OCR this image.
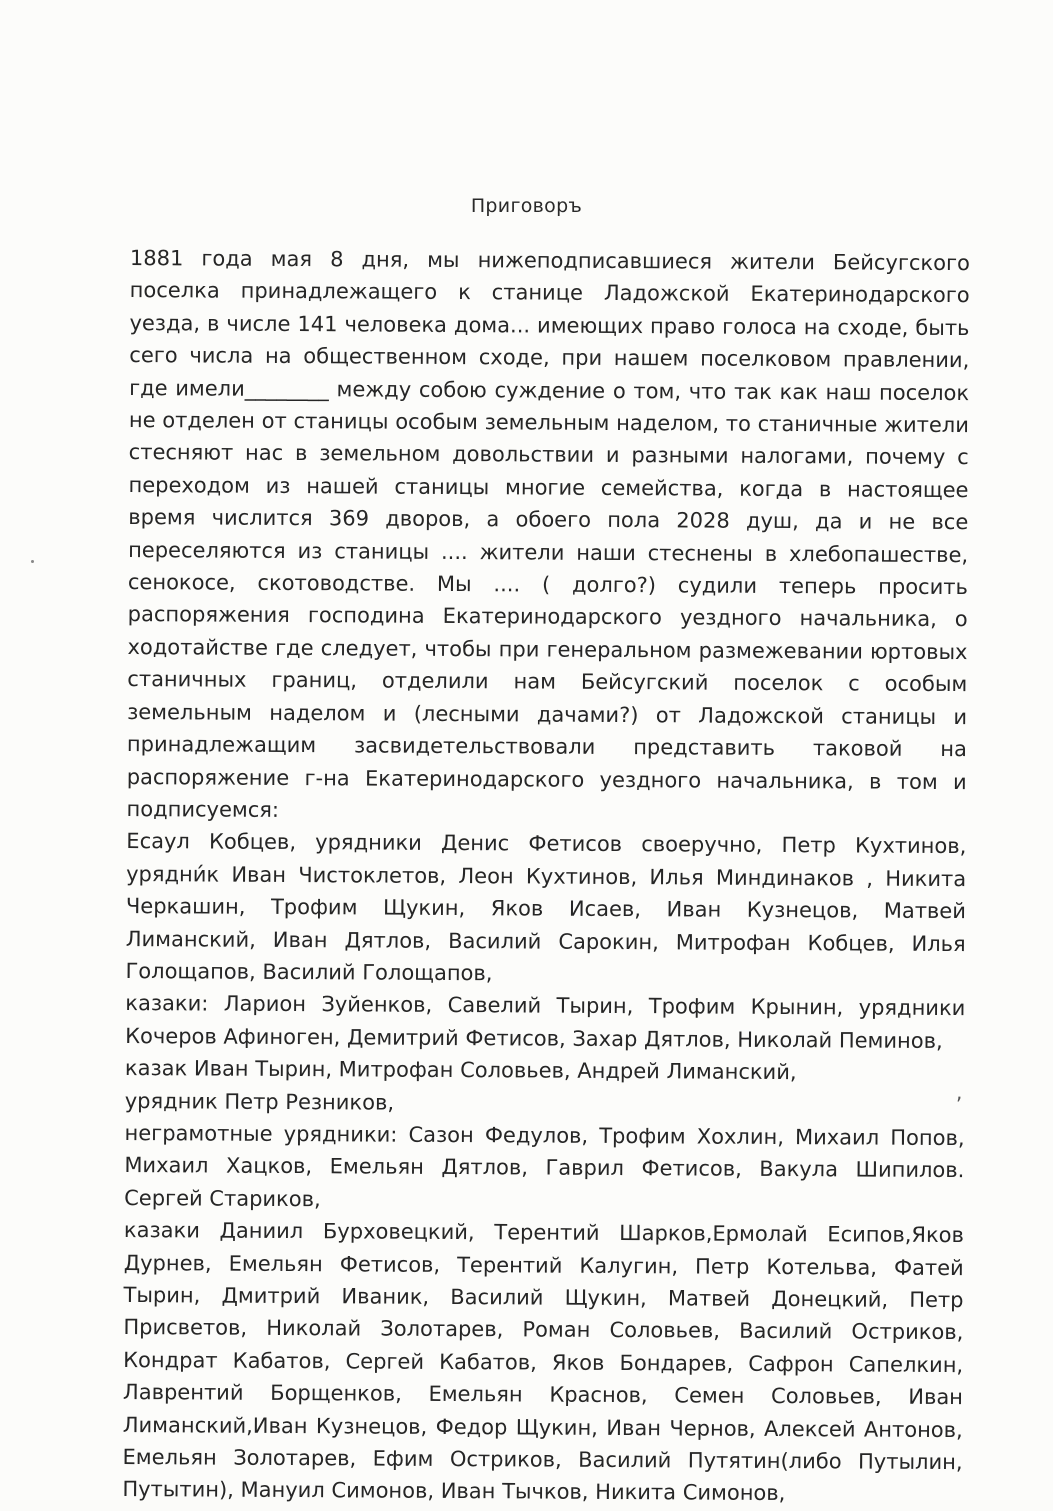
Приговоръ

1881 года мая 8 дня, мы нижеподписавшиеся жители Бейсугского поселка принадлежащего к станице Ладожской Екатеринодарского уезда, в числе 141 человека дома... имеющих право голоса на сходе, быть сего числа на общественном сходе, при нашем поселковом правлении, где имели________ между собою суждение о том, что так как наш поселок не отделен от станицы особым земельным наделом, то станичные жители стесняют нас в земельном довольствии и разными налогами, почему с переходом из нашей станицы многие семейства, когда в настоящее время числится 369 дворов, а обоего пола 2028 душ, да и не все переселяются из станицы .... жители наши стеснены в хлебопашестве, сенокосе, скотоводстве. Мы .... ( долго?) судили теперь просить распоряжения господина Екатеринодарского уездного начальника, о ходотайстве где следует, чтобы при генеральном размежевании юртовых станичных границ, отделили нам Бейсугский поселок с особым земельным наделом и (лесными дачами?) от Ладожской станицы и принадлежащим засвидетельствовали представить таковой на распоряжение г-на Екатеринодарского уездного начальника, в том и подписуемся:

Есаул Кобцев, урядники Денис Фетисов своеручно, Петр Кухтинов, урядни́к Иван Чистоклетов, Леон Кухтинов, Илья Миндинаков , Никита Черкашин, Трофим Щукин, Яков Исаев, Иван Кузнецов, Матвей Лиманский, Иван Дятлов, Василий Сарокин, Митрофан Кобцев, Илья Голощапов, Василий Голощапов,

казаки: Ларион Зуйенков, Савелий Тырин, Трофим Крынин, урядники Кочеров Афиноген, Демитрий Фетисов, Захар Дятлов, Николай Пеминов,

казак Иван Тырин, Митрофан Соловьев, Андрей Лиманский,

урядник Петр Резников,

неграмотные урядники: Сазон Федулов, Трофим Хохлин, Михаил Попов, Михаил Хацков, Емельян Дятлов, Гаврил Фетисов, Вакула Шипилов. Сергей Стариков,

казаки Даниил Бурховецкий, Терентий Шарков,Ермолай Есипов,Яков Дурнев, Емельян Фетисов, Терентий Калугин, Петр Котельва, Фатей Тырин, Дмитрий Иваник, Василий Щукин, Матвей Донецкий, Петр Присветов, Николай Золотарев, Роман Соловьев, Василий Остриков, Кондрат Кабатов, Сергей Кабатов, Яков Бондарев, Сафрон Сапелкин, Лаврентий Борщенков, Емельян Краснов, Семен Соловьев, Иван Лиманский,Иван Кузнецов, Федор Щукин, Иван Чернов, Алексей Антонов, Емельян Золотарев, Ефим Остриков, Василий Путятин(либо Путылин, Путытин), Мануил Симонов, Иван Тычков, Никита Симонов,

,
